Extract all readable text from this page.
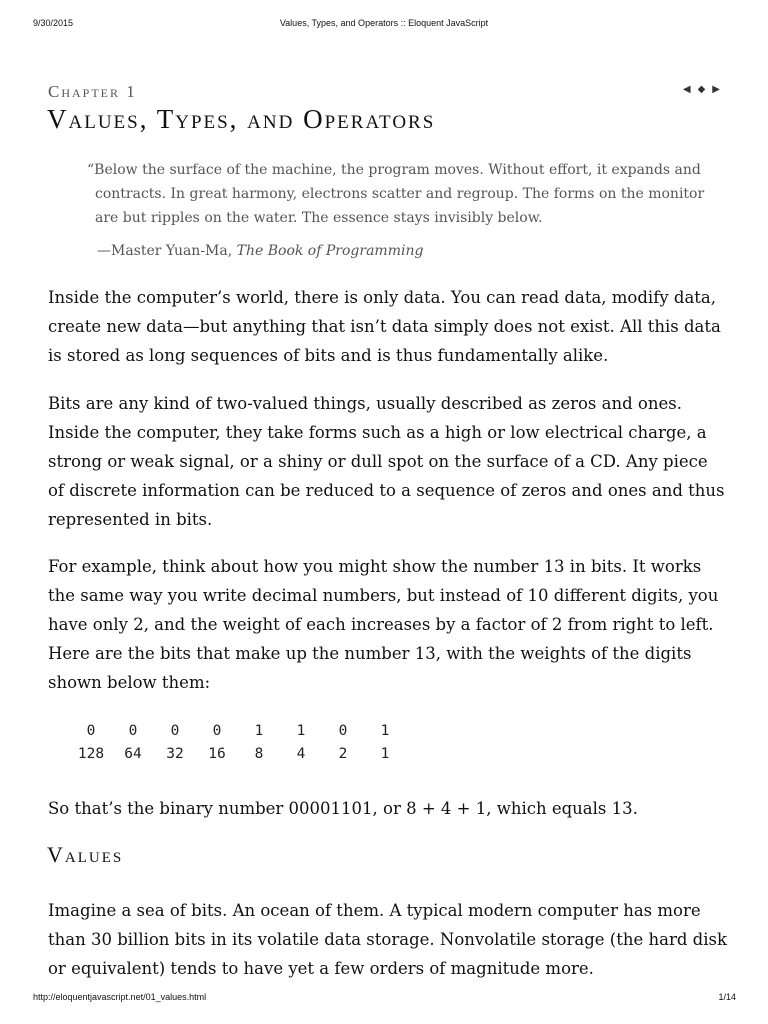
9/30/2015	Values, Types, and Operators :: Eloquent JavaScript
Chapter 1	◀ ◆ ▶
Values, Types, and Operators

“Below the surface of the machine, the program moves. Without effort, it expands and contracts. In great harmony, electrons scatter and regroup. The forms on the monitor are but ripples on the water. The essence stays invisibly below.

—Master Yuan-Ma, The Book of Programming

Inside the computer’s world, there is only data. You can read data, modify data, create new data—but anything that isn’t data simply does not exist. All this data is stored as long sequences of bits and is thus fundamentally alike.

Bits are any kind of two-valued things, usually described as zeros and ones. Inside the computer, they take forms such as a high or low electrical charge, a strong or weak signal, or a shiny or dull spot on the surface of a CD. Any piece of discrete information can be reduced to a sequence of zeros and ones and thus represented in bits.

For example, think about how you might show the number 13 in bits. It works the same way you write decimal numbers, but instead of 10 different digits, you have only 2, and the weight of each increases by a factor of 2 from right to left. Here are the bits that make up the number 13, with the weights of the digits shown below them:

0	0	0	0	1	1	0	1
128	64	32	16	8	4	2	1

So that’s the binary number 00001101, or 8 + 4 + 1, which equals 13.

Values

Imagine a sea of bits. An ocean of them. A typical modern computer has more than 30 billion bits in its volatile data storage. Nonvolatile storage (the hard disk or equivalent) tends to have yet a few orders of magnitude more.

http://eloquentjavascript.net/01_values.html	1/14
